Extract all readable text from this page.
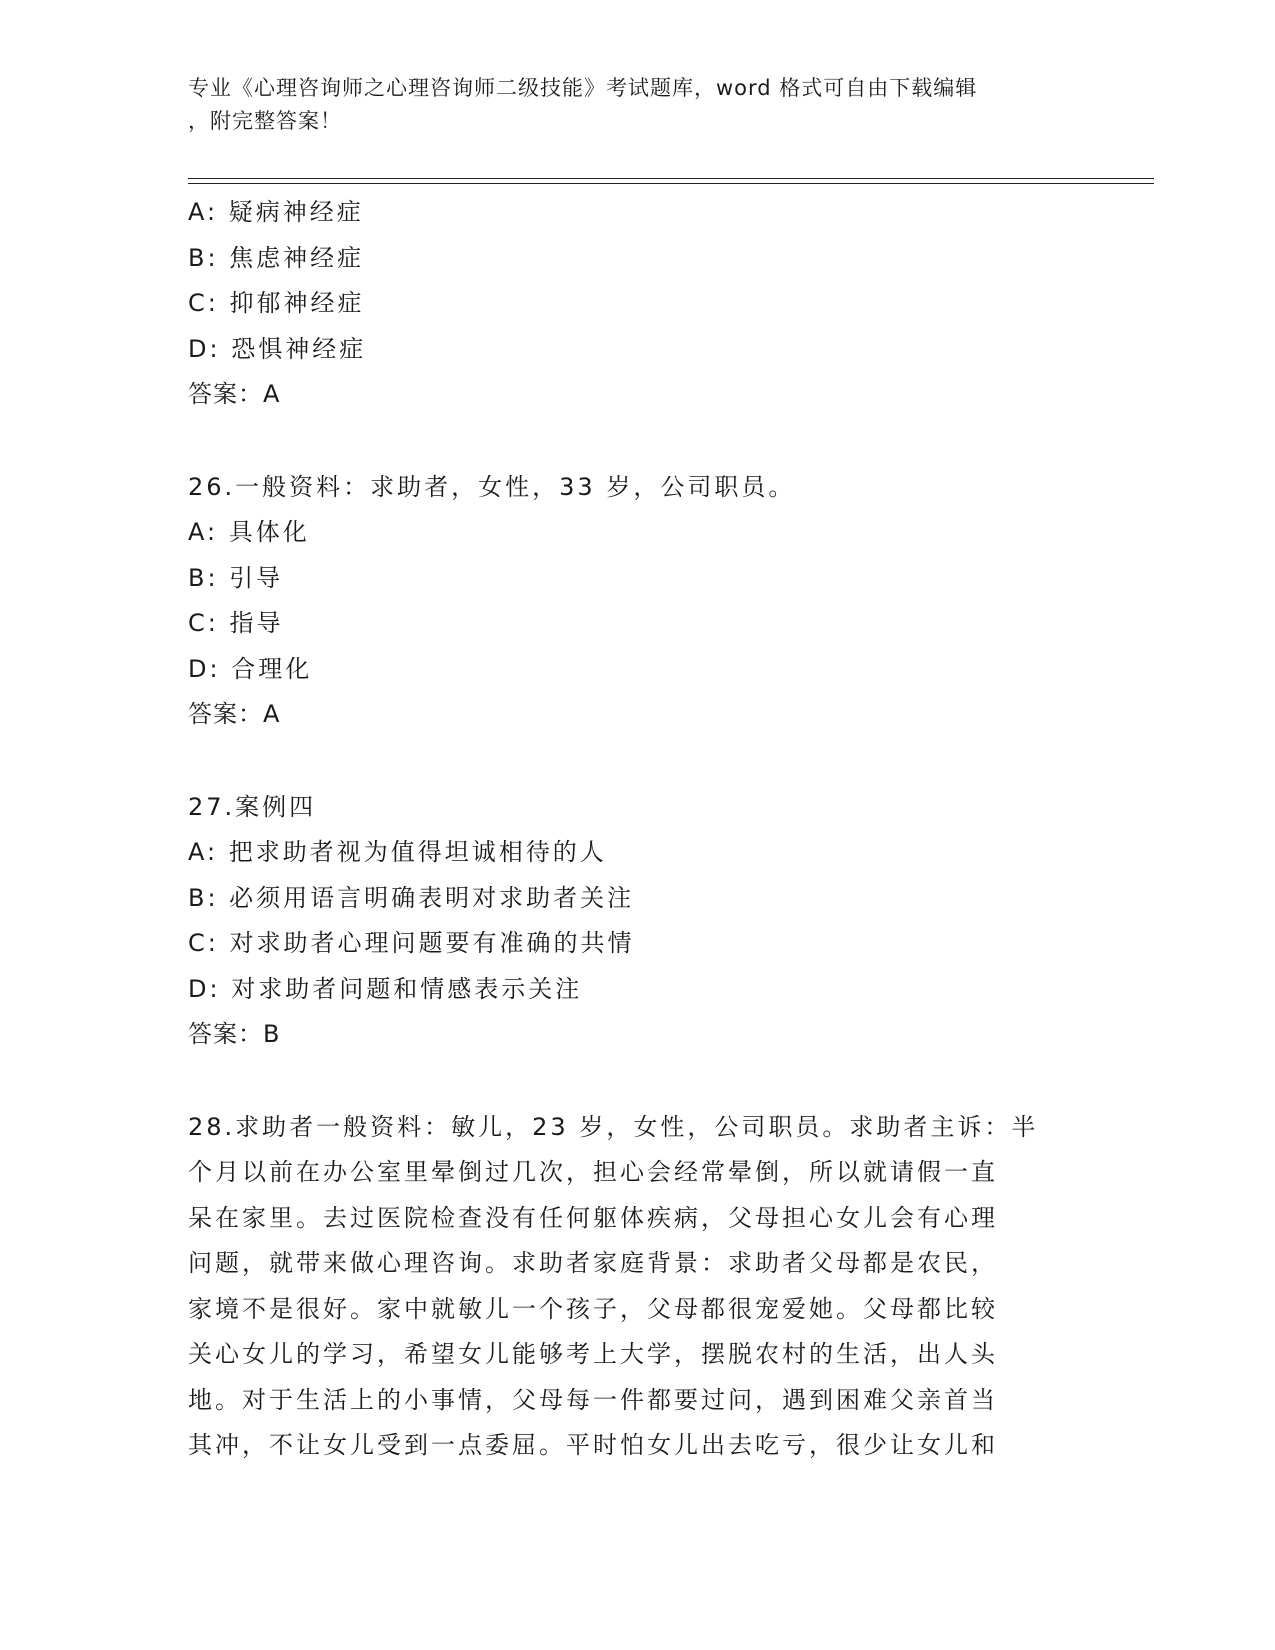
专业《心理咨询师之心理咨询师二级技能》考试题库，word 格式可自由下载编辑
，附完整答案！
A: 疑病神经症
B: 焦虑神经症
C: 抑郁神经症
D: 恐惧神经症
答案：A
26.一般资料：求助者，女性，33 岁，公司职员。
A: 具体化
B: 引导
C: 指导
D: 合理化
答案：A
27.案例四
A: 把求助者视为值得坦诚相待的人
B: 必须用语言明确表明对求助者关注
C: 对求助者心理问题要有准确的共情
D: 对求助者问题和情感表示关注
答案：B
28.求助者一般资料：敏儿，23 岁，女性，公司职员。求助者主诉：半
个月以前在办公室里晕倒过几次，担心会经常晕倒，所以就请假一直
呆在家里。去过医院检查没有任何躯体疾病，父母担心女儿会有心理
问题，就带来做心理咨询。求助者家庭背景：求助者父母都是农民，
家境不是很好。家中就敏儿一个孩子，父母都很宠爱她。父母都比较
关心女儿的学习，希望女儿能够考上大学，摆脱农村的生活，出人头
地。对于生活上的小事情，父母每一件都要过问，遇到困难父亲首当
其冲，不让女儿受到一点委屈。平时怕女儿出去吃亏，很少让女儿和
